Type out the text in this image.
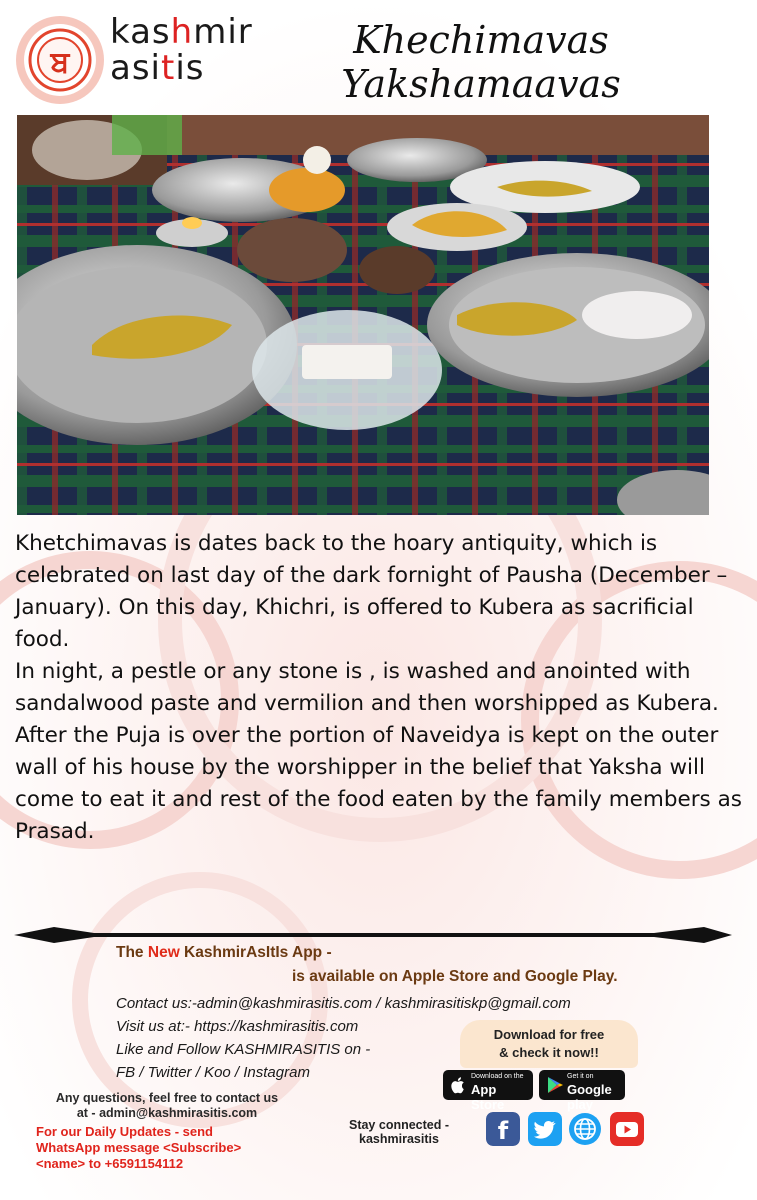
ਬ
kashmir
asitis
Khechimavas
Yakshamaavas

Khetchimavas is dates back to the hoary antiquity, which is celebrated on last day of the dark fornight of Pausha (December – January). On this day, Khichri, is offered to Kubera as sacrificial food.

In night, a pestle or any stone is , is washed and anointed with sandalwood paste and vermilion and then worshipped as Kubera.

After the Puja is over the portion of Naveidya is kept on the outer wall of his house by the worshipper in the belief that Yaksha will come to eat it and rest of the food eaten by the family members as Prasad.

The New KashmirAsItIs App -
is available on Apple Store and Google Play.
Contact us:-admin@kashmirasitis.com / kashmirasitiskp@gmail.com
Visit us at:- https://kashmirasitis.com
Like and Follow KASHMIRASITIS on -
FB / Twitter / Koo / Instagram
Download for free
& check it now!!
Download on the
App Store
Get it on
Google play
Any questions, feel free to contact us
at - admin@kashmirasitis.com
For our Daily Updates - send
WhatsApp message <Subscribe>
<name> to +6591154112
Stay connected -
kashmirasitis	f
